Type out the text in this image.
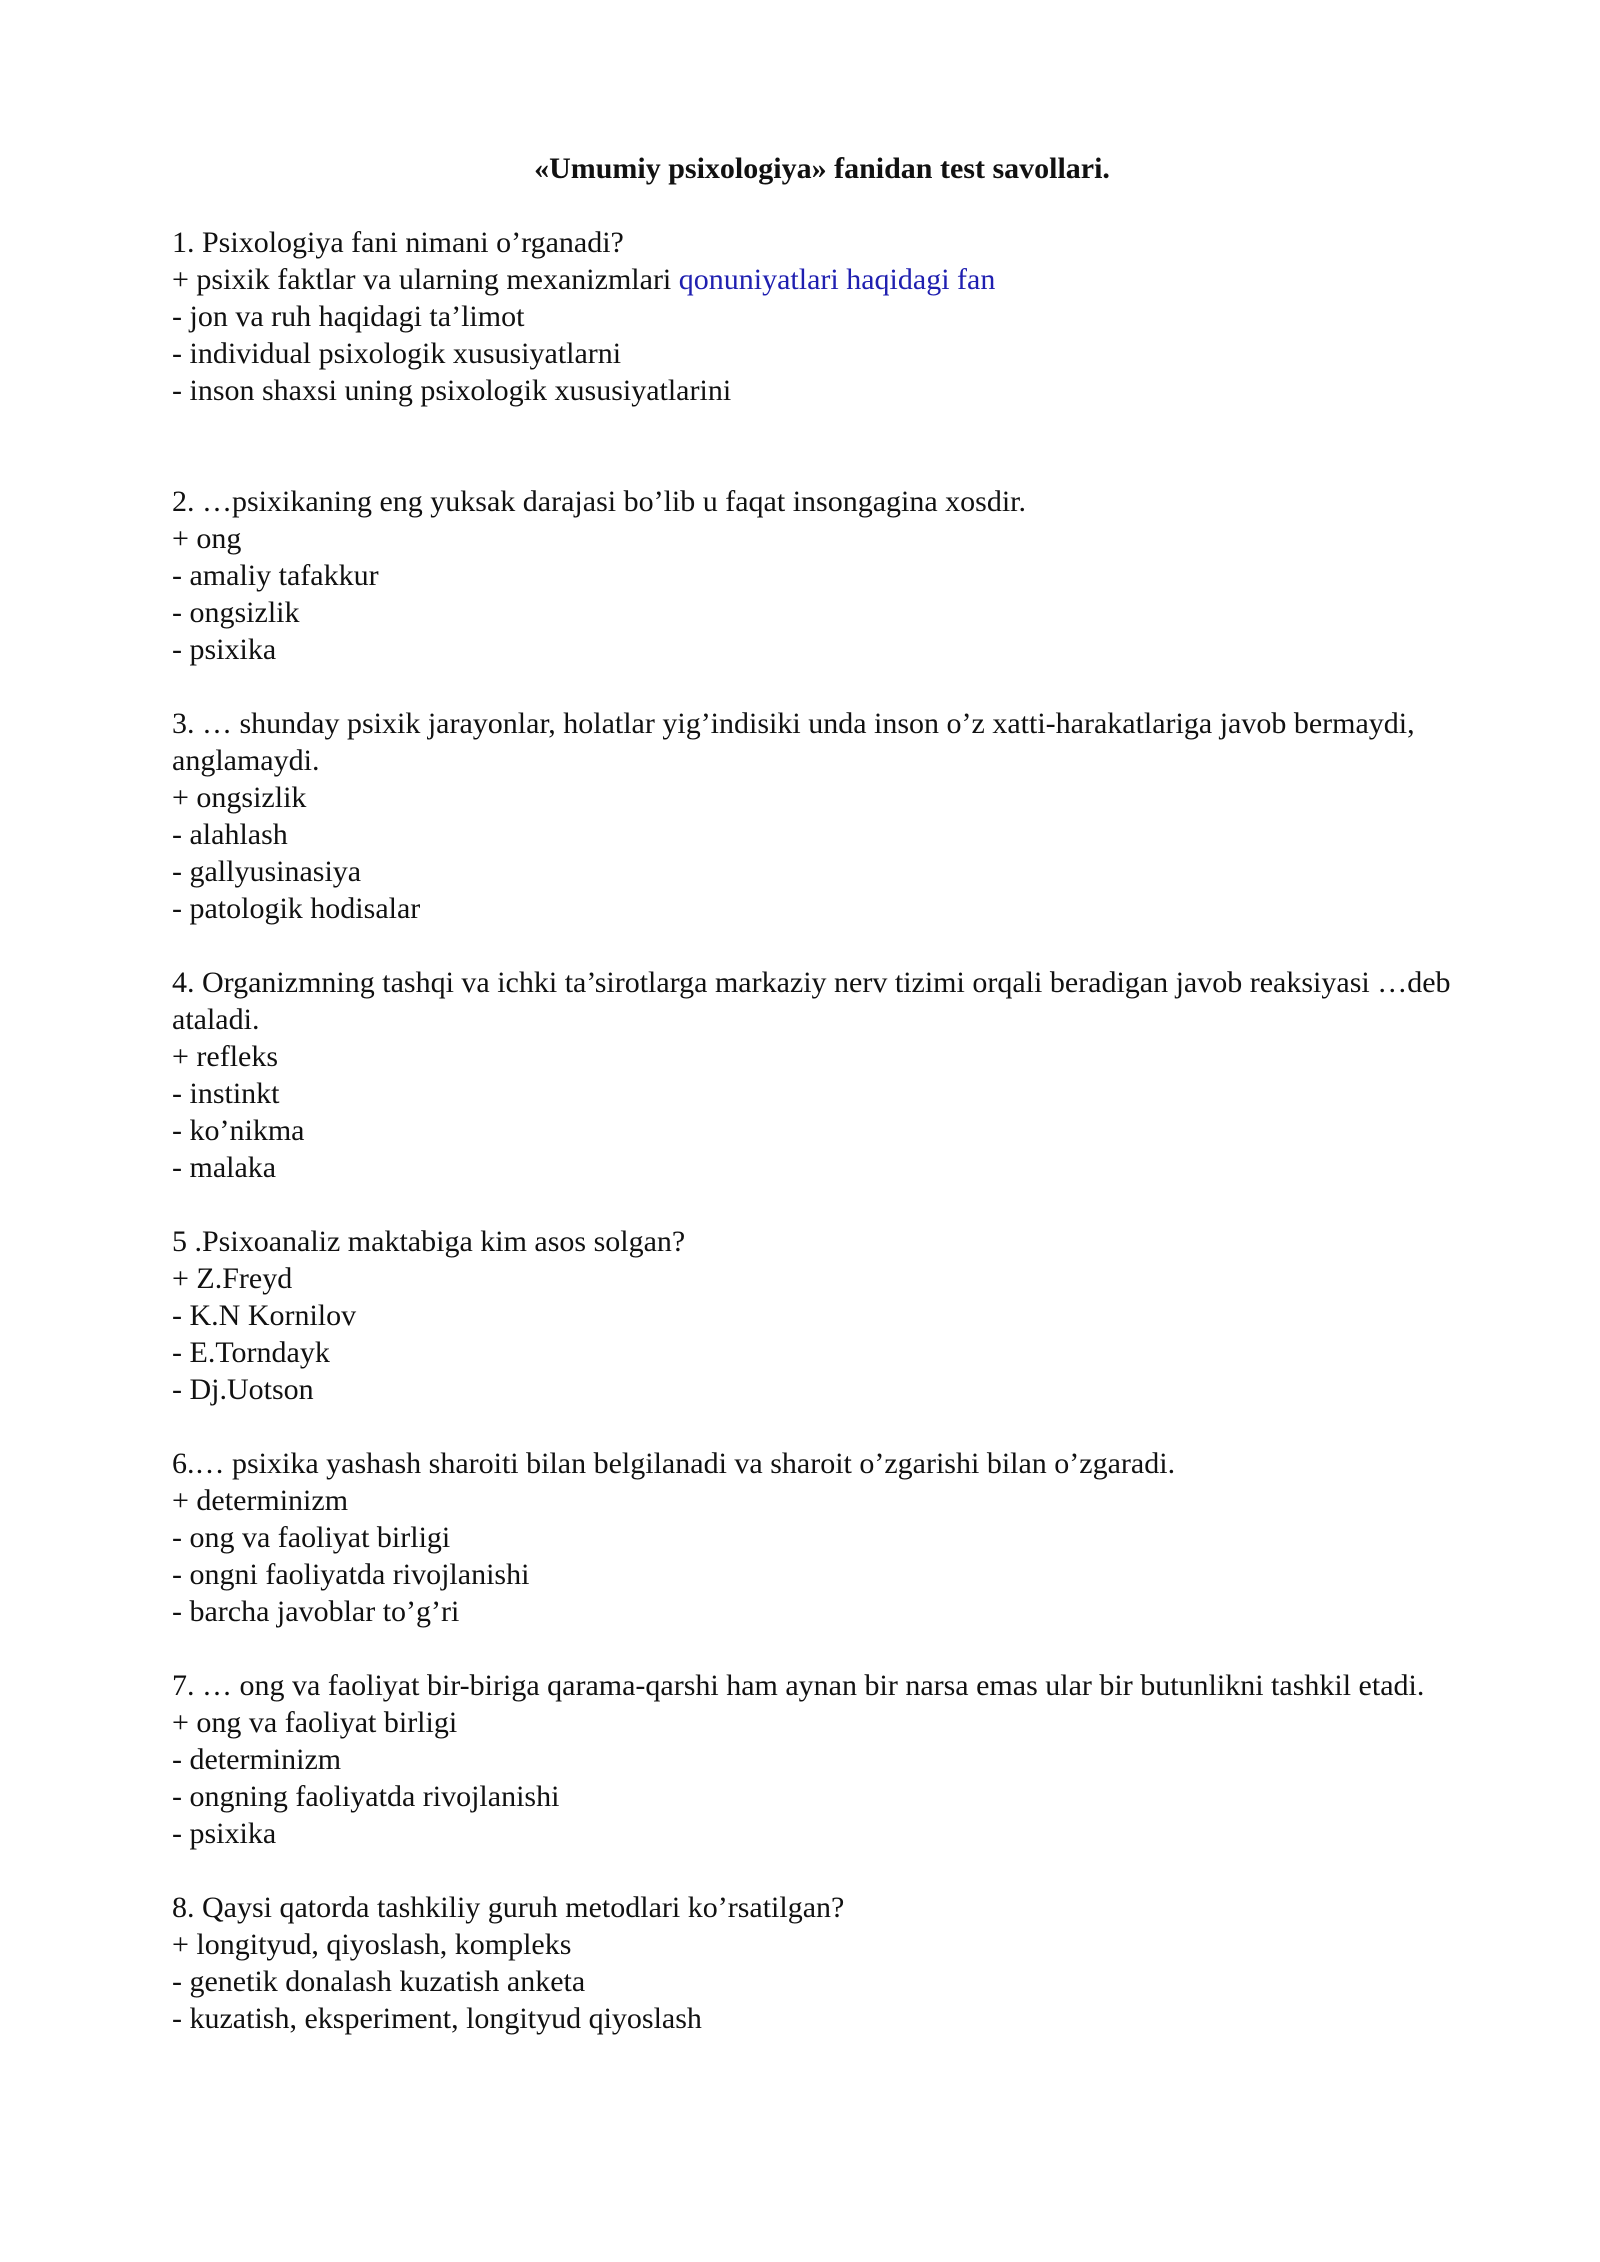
«Umumiy psixologiya» fanidan test savollari.

1. Psixologiya fani nimani o’rganadi?

+ psixik faktlar va ularning mexanizmlari qonuniyatlari haqidagi fan

- jon va ruh haqidagi ta’limot

- individual psixologik xususiyatlarni

- inson shaxsi uning psixologik xususiyatlarini

2. …psixikaning eng yuksak darajasi bo’lib u faqat insongagina xosdir.

+ ong

- amaliy tafakkur

- ongsizlik

- psixika

3. … shunday psixik jarayonlar, holatlar yig’indisiki unda inson o’z xatti-harakatlariga javob bermaydi, anglamaydi.

+ ongsizlik

- alahlash

- gallyusinasiya

- patologik hodisalar

4. Organizmning tashqi va ichki ta’sirotlarga markaziy nerv tizimi orqali beradigan javob reaksiyasi …deb ataladi.

+ refleks

- instinkt

- ko’nikma

- malaka

5 .Psixoanaliz maktabiga kim asos solgan?

+ Z.Freyd

- K.N Kornilov

- E.Torndayk

- Dj.Uotson

6.… psixika yashash sharoiti bilan belgilanadi va sharoit o’zgarishi bilan o’zgaradi.

+ determinizm

- ong va faoliyat birligi

- ongni faoliyatda rivojlanishi

- barcha javoblar to’g’ri

7. … ong va faoliyat bir-biriga qarama-qarshi ham aynan bir narsa emas ular bir butunlikni tashkil etadi.

+ ong va faoliyat birligi

- determinizm

- ongning faoliyatda rivojlanishi

- psixika

8. Qaysi qatorda tashkiliy guruh metodlari ko’rsatilgan?

+ longityud, qiyoslash, kompleks

- genetik donalash kuzatish anketa

- kuzatish, eksperiment, longityud qiyoslash
